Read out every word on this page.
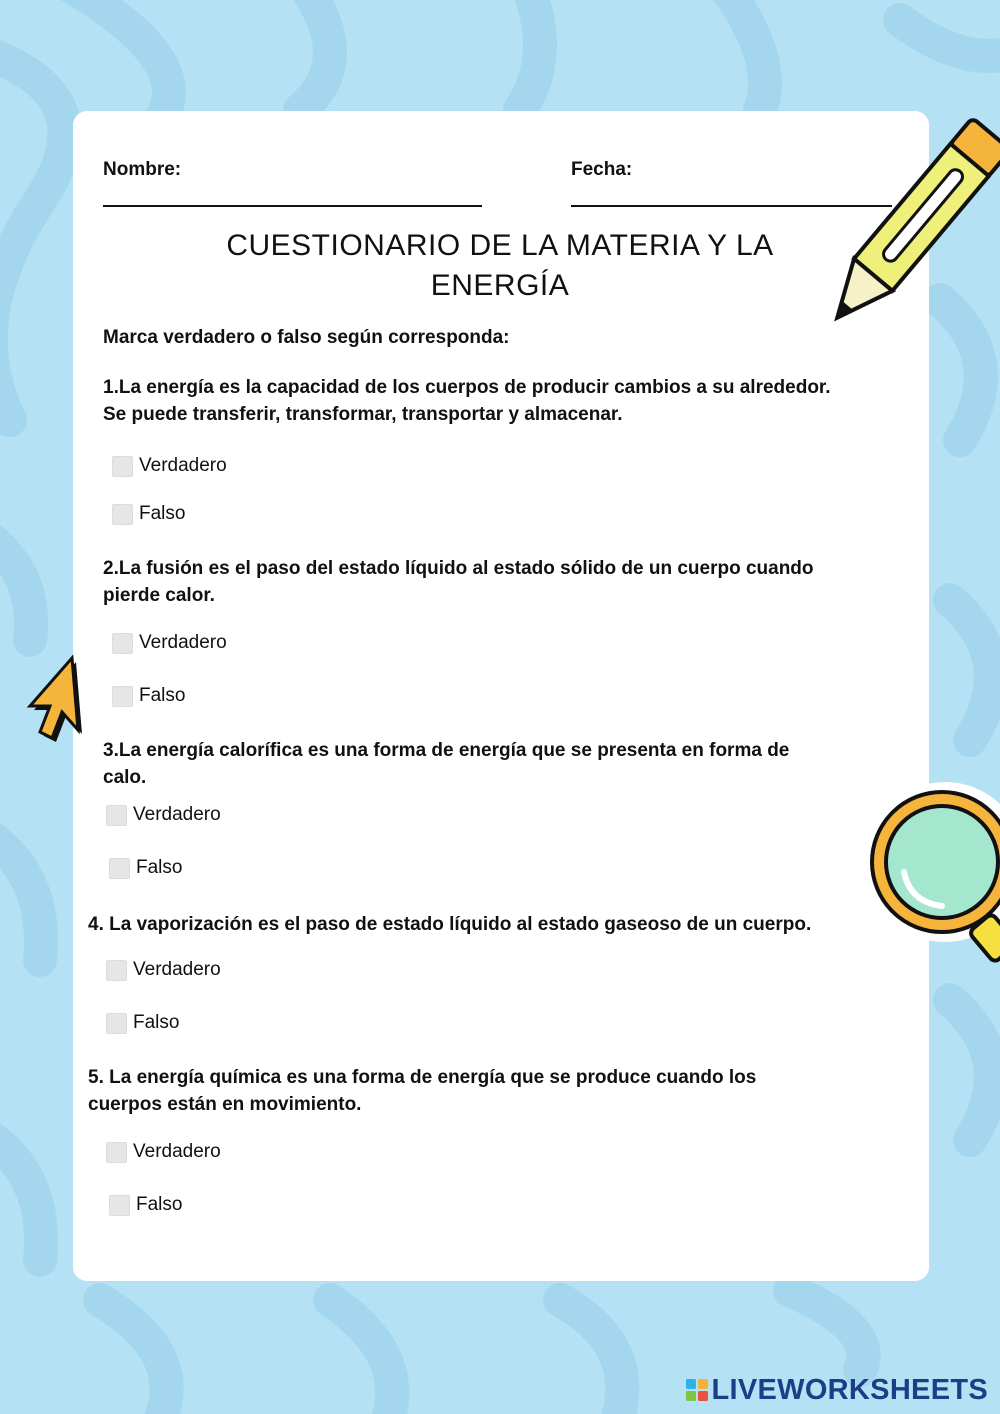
Nombre:	Fecha:
CUESTIONARIO DE LA MATERIA Y LA
ENERGÍA
Marca verdadero o falso según corresponda:
1.La energía es la capacidad de los cuerpos de producir cambios a su alrededor.
Se puede transferir, transformar, transportar y almacenar.
Verdadero
Falso
2.La fusión es el paso del estado líquido al estado sólido de un cuerpo cuando
pierde calor.
Verdadero
Falso
3.La energía calorífica es una forma de energía que se presenta en forma de
calo.
Verdadero
Falso
4. La vaporización es el paso de estado líquido al estado gaseoso de un cuerpo.
Verdadero
Falso
5. La energía química es una forma de energía que se produce cuando los
cuerpos están en movimiento.
Verdadero
Falso
LIVEWORKSHEETS
